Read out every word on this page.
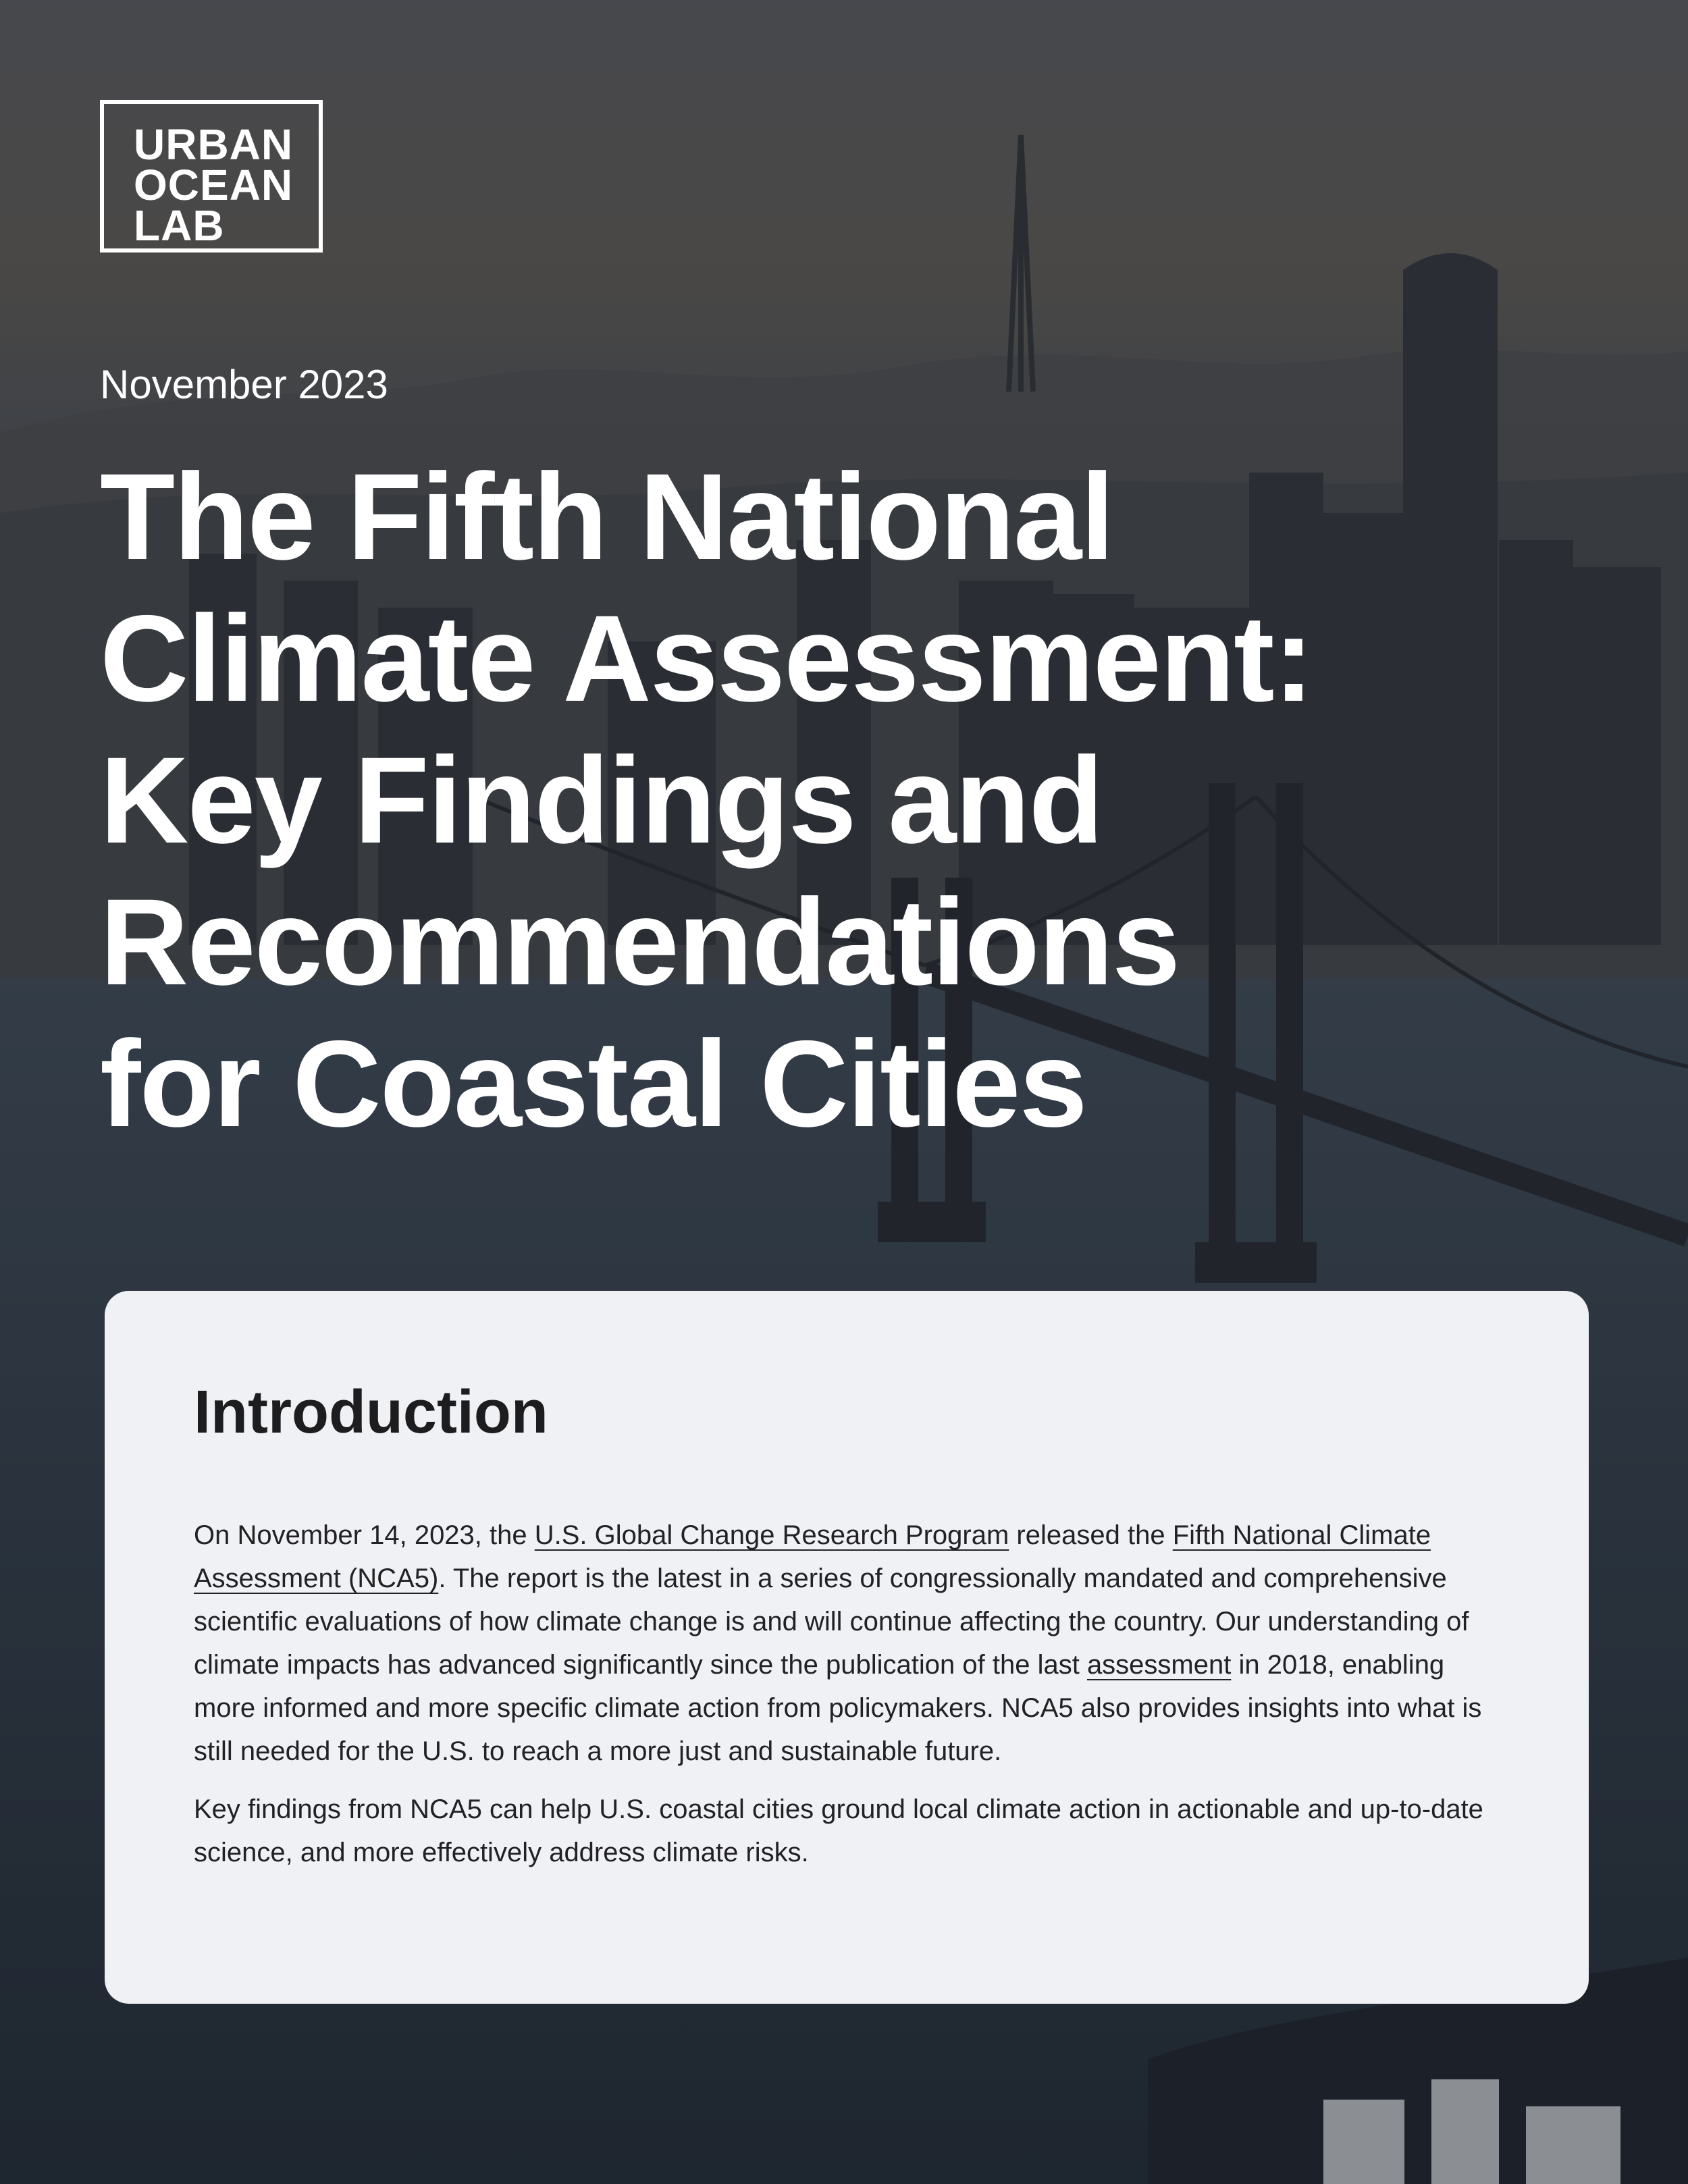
URBAN
OCEAN
LAB
November 2023
The Fifth National
Climate Assessment:
Key Findings and
Recommendations
for Coastal Cities
Introduction

On November 14, 2023, the U.S. Global Change Research Program released the Fifth National Climate Assessment (NCA5). The report is the latest in a series of congressionally mandated and comprehensive scientific evaluations of how climate change is and will continue affecting the country. Our understanding of climate impacts has advanced significantly since the publication of the last assessment in 2018, enabling more informed and more specific climate action from policymakers. NCA5 also provides insights into what is still needed for the U.S. to reach a more just and sustainable future.

Key findings from NCA5 can help U.S. coastal cities ground local climate action in actionable and up-to-date science, and more effectively address climate risks.
